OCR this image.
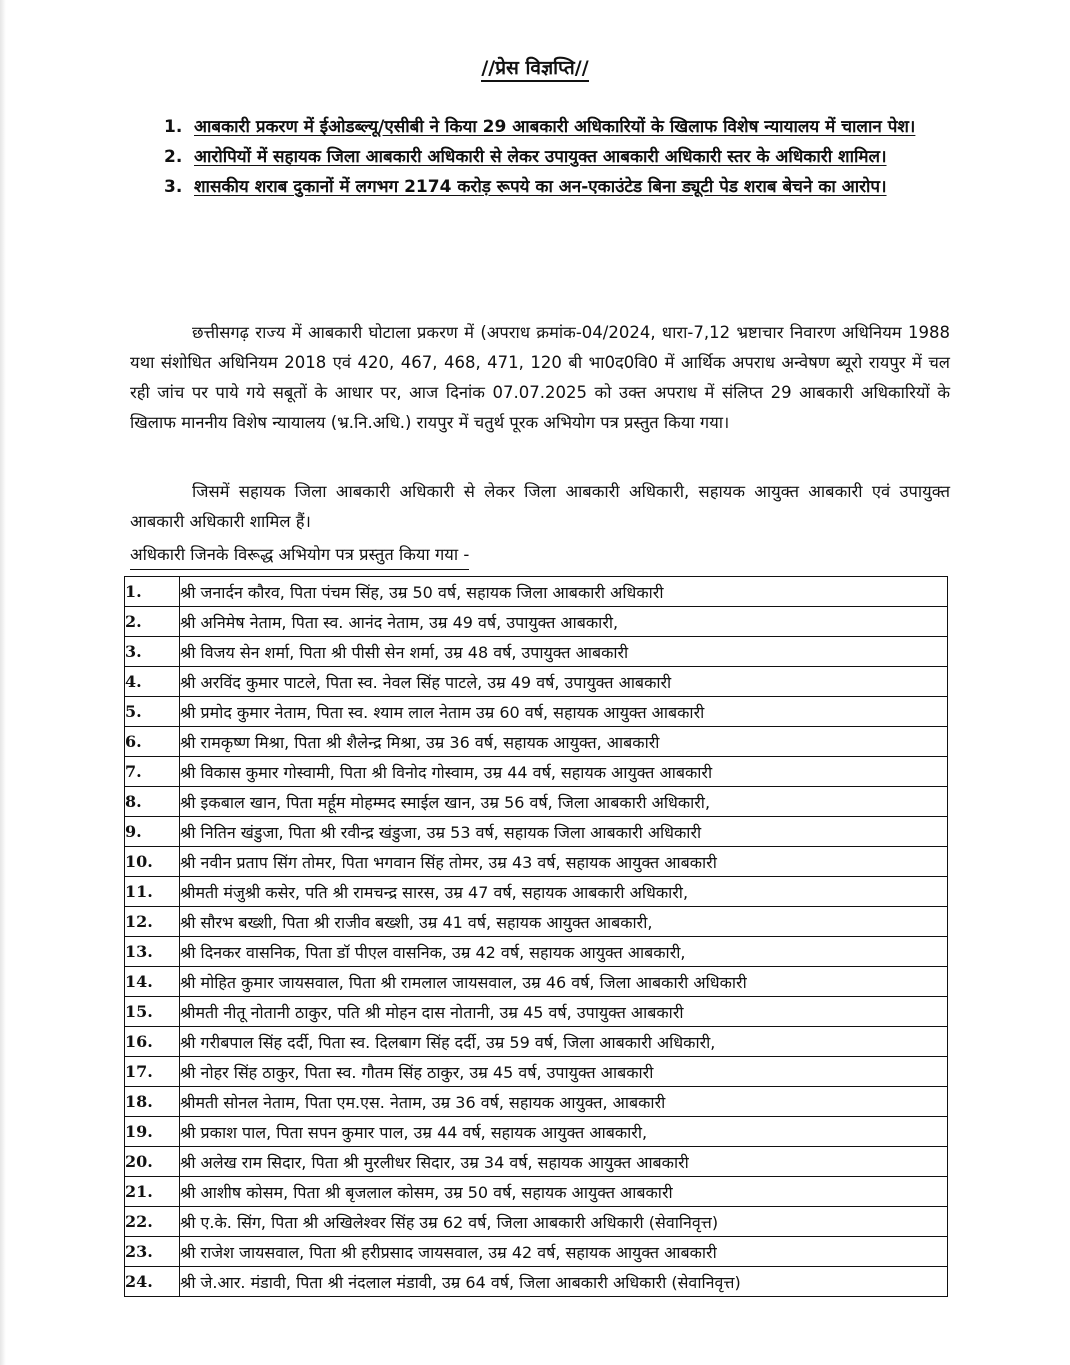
//प्रेस विज्ञप्ति//
1. आबकारी प्रकरण में ईओडब्ल्यू/एसीबी ने किया 29 आबकारी अधिकारियों के खिलाफ विशेष न्यायालय में चालान पेश।
2. आरोपियों में सहायक जिला आबकारी अधिकारी से लेकर उपायुक्त आबकारी अधिकारी स्तर के अधिकारी शामिल।
3. शासकीय शराब दुकानों में लगभग 2174 करोड़ रूपये का अन-एकाउंटेड बिना ड्यूटी पेड शराब बेचने का आरोप।

छत्तीसगढ़ राज्य में आबकारी घोटाला प्रकरण में (अपराध क्रमांक-04/2024, धारा-7,12 भ्रष्टाचार निवारण अधिनियम 1988 यथा संशोधित अधिनियम 2018 एवं 420, 467, 468, 471, 120 बी भा0द0वि0 में आर्थिक अपराध अन्वेषण ब्यूरो रायपुर में चल रही जांच पर पाये गये सबूतों के आधार पर, आज दिनांक 07.07.2025 को उक्त अपराध में संलिप्त 29 आबकारी अधिकारियों के खिलाफ माननीय विशेष न्यायालय (भ्र.नि.अधि.) रायपुर में चतुर्थ पूरक अभियोग पत्र प्रस्तुत किया गया।

जिसमें सहायक जिला आबकारी अधिकारी से लेकर जिला आबकारी अधिकारी, सहायक आयुक्त आबकारी एवं उपायुक्त आबकारी अधिकारी शामिल हैं।

अधिकारी जिनके विरूद्ध अभियोग पत्र प्रस्तुत किया गया -
1.	श्री जनार्दन कौरव, पिता पंचम सिंह, उम्र 50 वर्ष, सहायक जिला आबकारी अधिकारी
2.	श्री अनिमेष नेताम, पिता स्व. आनंद नेताम, उम्र 49 वर्ष, उपायुक्त आबकारी,
3.	श्री विजय सेन शर्मा, पिता श्री पीसी सेन शर्मा, उम्र 48 वर्ष, उपायुक्त आबकारी
4.	श्री अरविंद कुमार पाटले, पिता स्व. नेवल सिंह पाटले, उम्र 49 वर्ष, उपायुक्त आबकारी
5.	श्री प्रमोद कुमार नेताम, पिता स्व. श्याम लाल नेताम उम्र 60 वर्ष, सहायक आयुक्त आबकारी
6.	श्री रामकृष्ण मिश्रा, पिता श्री शैलेन्द्र मिश्रा, उम्र 36 वर्ष, सहायक आयुक्त, आबकारी
7.	श्री विकास कुमार गोस्वामी, पिता श्री विनोद गोस्वाम, उम्र 44 वर्ष, सहायक आयुक्त आबकारी
8.	श्री इकबाल खान, पिता मर्हूम मोहम्मद स्माईल खान, उम्र 56 वर्ष, जिला आबकारी अधिकारी,
9.	श्री नितिन खंडुजा, पिता श्री रवीन्द्र खंडुजा, उम्र 53 वर्ष, सहायक जिला आबकारी अधिकारी
10.	श्री नवीन प्रताप सिंग तोमर, पिता भगवान सिंह तोमर, उम्र 43 वर्ष, सहायक आयुक्त आबकारी
11.	श्रीमती मंजुश्री कसेर, पति श्री रामचन्द्र सारस, उम्र 47 वर्ष, सहायक आबकारी अधिकारी,
12.	श्री सौरभ बख्शी, पिता श्री राजीव बख्शी, उम्र 41 वर्ष, सहायक आयुक्त आबकारी,
13.	श्री दिनकर वासनिक, पिता डॉ पीएल वासनिक, उम्र 42 वर्ष, सहायक आयुक्त आबकारी,
14.	श्री मोहित कुमार जायसवाल, पिता श्री रामलाल जायसवाल, उम्र 46 वर्ष, जिला आबकारी अधिकारी
15.	श्रीमती नीतू नोतानी ठाकुर, पति श्री मोहन दास नोतानी, उम्र 45 वर्ष, उपायुक्त आबकारी
16.	श्री गरीबपाल सिंह दर्दी, पिता स्व. दिलबाग सिंह दर्दी, उम्र 59 वर्ष, जिला आबकारी अधिकारी,
17.	श्री नोहर सिंह ठाकुर, पिता स्व. गौतम सिंह ठाकुर, उम्र 45 वर्ष, उपायुक्त आबकारी
18.	श्रीमती सोनल नेताम, पिता एम.एस. नेताम, उम्र 36 वर्ष, सहायक आयुक्त, आबकारी
19.	श्री प्रकाश पाल, पिता सपन कुमार पाल, उम्र 44 वर्ष, सहायक आयुक्त आबकारी,
20.	श्री अलेख राम सिदार, पिता श्री मुरलीधर सिदार, उम्र 34 वर्ष, सहायक आयुक्त आबकारी
21.	श्री आशीष कोसम, पिता श्री बृजलाल कोसम, उम्र 50 वर्ष, सहायक आयुक्त आबकारी
22.	श्री ए.के. सिंग, पिता श्री अखिलेश्वर सिंह उम्र 62 वर्ष, जिला आबकारी अधिकारी (सेवानिवृत्त)
23.	श्री राजेश जायसवाल, पिता श्री हरीप्रसाद जायसवाल, उम्र 42 वर्ष, सहायक आयुक्त आबकारी
24.	श्री जे.आर. मंडावी, पिता श्री नंदलाल मंडावी, उम्र 64 वर्ष, जिला आबकारी अधिकारी (सेवानिवृत्त)
